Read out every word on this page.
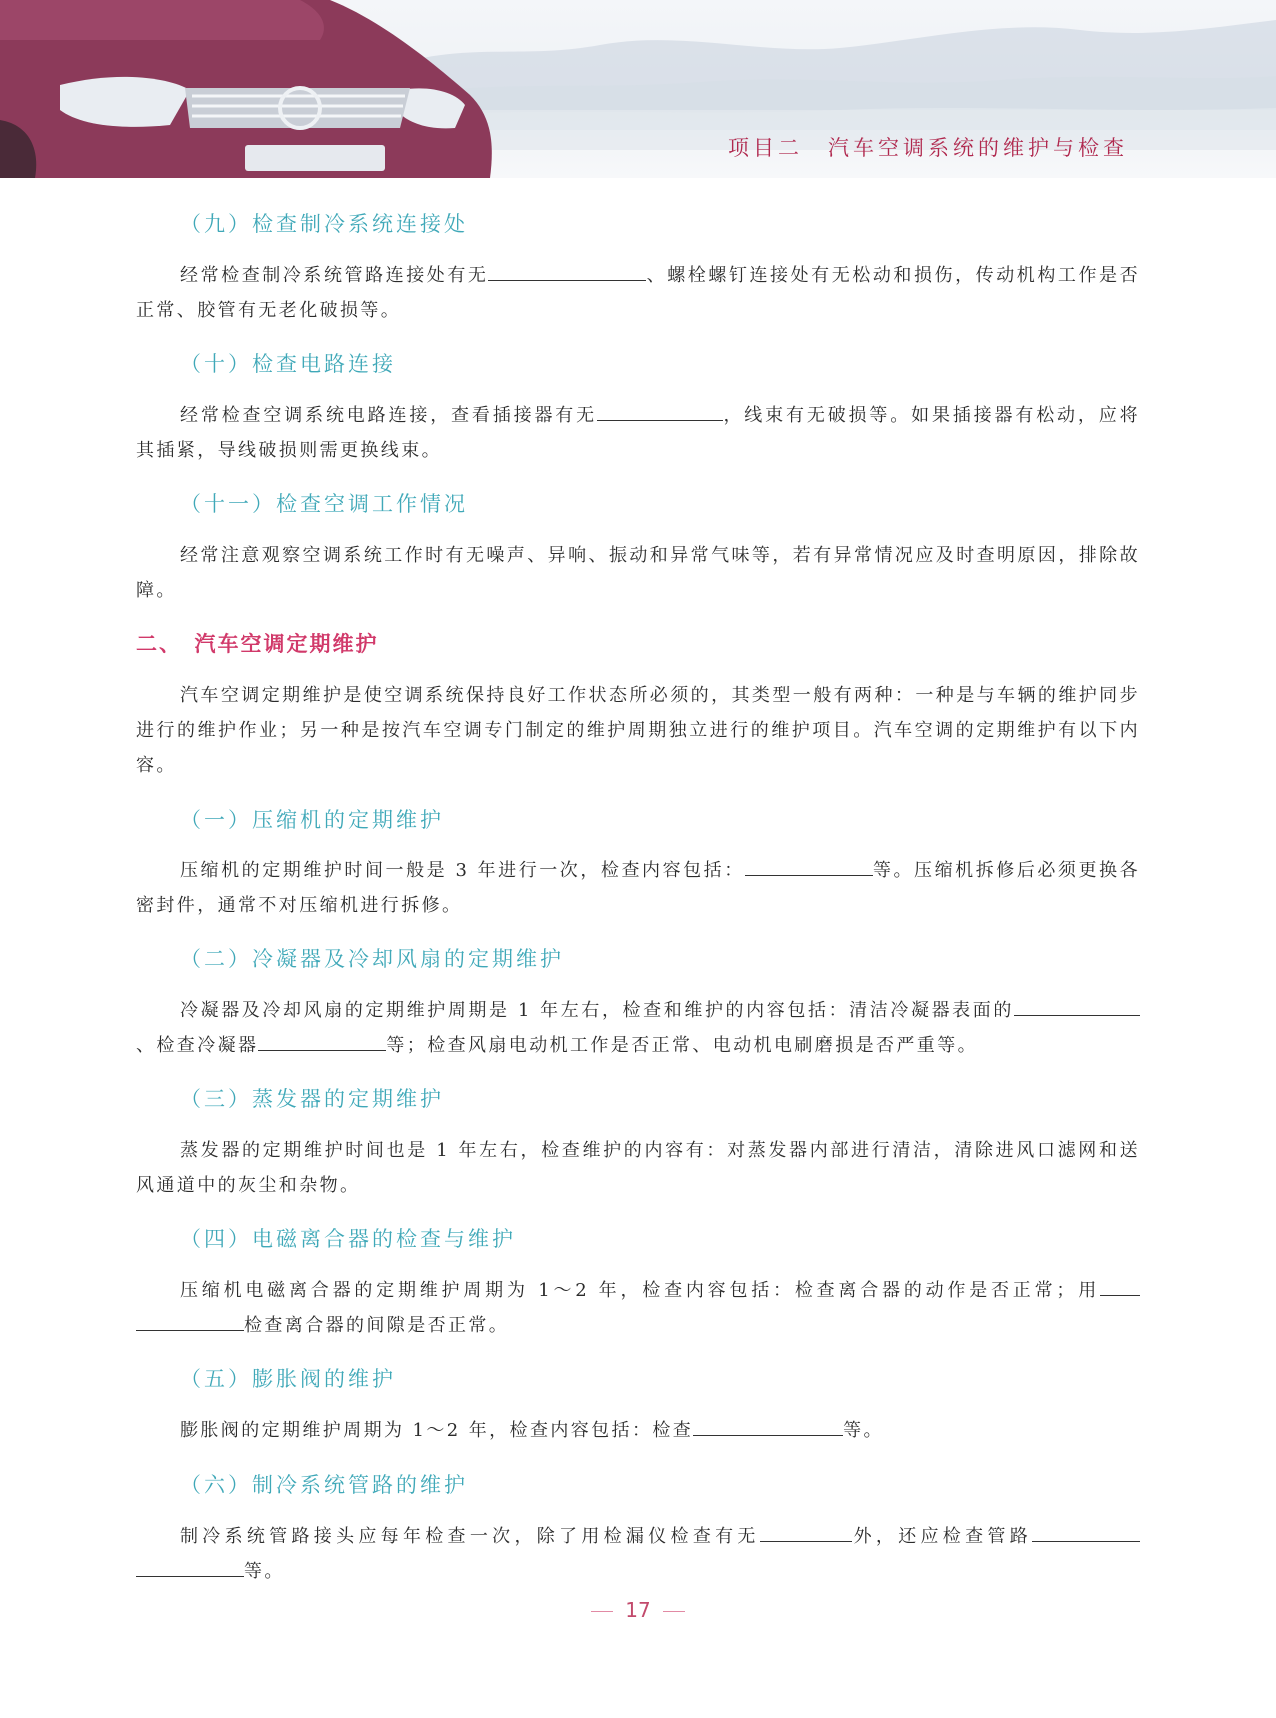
项目二　汽车空调系统的维护与检查
（九）检查制冷系统连接处

经常检查制冷系统管路连接处有无	、螺栓螺钉连接处有无松动和损伤，传动机构工作是否正常、胶管有无老化破损等。

（十）检查电路连接

经常检查空调系统电路连接，查看插接器有无	，线束有无破损等。如果插接器有松动，应将其插紧，导线破损则需更换线束。

（十一）检查空调工作情况

经常注意观察空调系统工作时有无噪声、异响、振动和异常气味等，若有异常情况应及时查明原因，排除故障。

二、　汽车空调定期维护

汽车空调定期维护是使空调系统保持良好工作状态所必须的，其类型一般有两种：一种是与车辆的维护同步进行的维护作业；另一种是按汽车空调专门制定的维护周期独立进行的维护项目。汽车空调的定期维护有以下内容。

（一）压缩机的定期维护

压缩机的定期维护时间一般是 3 年进行一次，检查内容包括：	等。压缩机拆修后必须更换各密封件，通常不对压缩机进行拆修。

（二）冷凝器及冷却风扇的定期维护

冷凝器及冷却风扇的定期维护周期是 1 年左右，检查和维护的内容包括：清洁冷凝器表面的、检查冷凝器	等；检查风扇电动机工作是否正常、电动机电刷磨损是否严重等。

（三）蒸发器的定期维护

蒸发器的定期维护时间也是 1 年左右，检查维护的内容有：对蒸发器内部进行清洁，清除进风口滤网和送风通道中的灰尘和杂物。

（四）电磁离合器的检查与维护

压缩机电磁离合器的定期维护周期为 1～2 年，检查内容包括：检查离合器的动作是否正常；用检查离合器的间隙是否正常。

（五）膨胀阀的维护

膨胀阀的定期维护周期为 1～2 年，检查内容包括：检查	等。

（六）制冷系统管路的维护

制冷系统管路接头应每年检查一次，除了用检漏仪检查有无	外，还应检查管路等。

17
